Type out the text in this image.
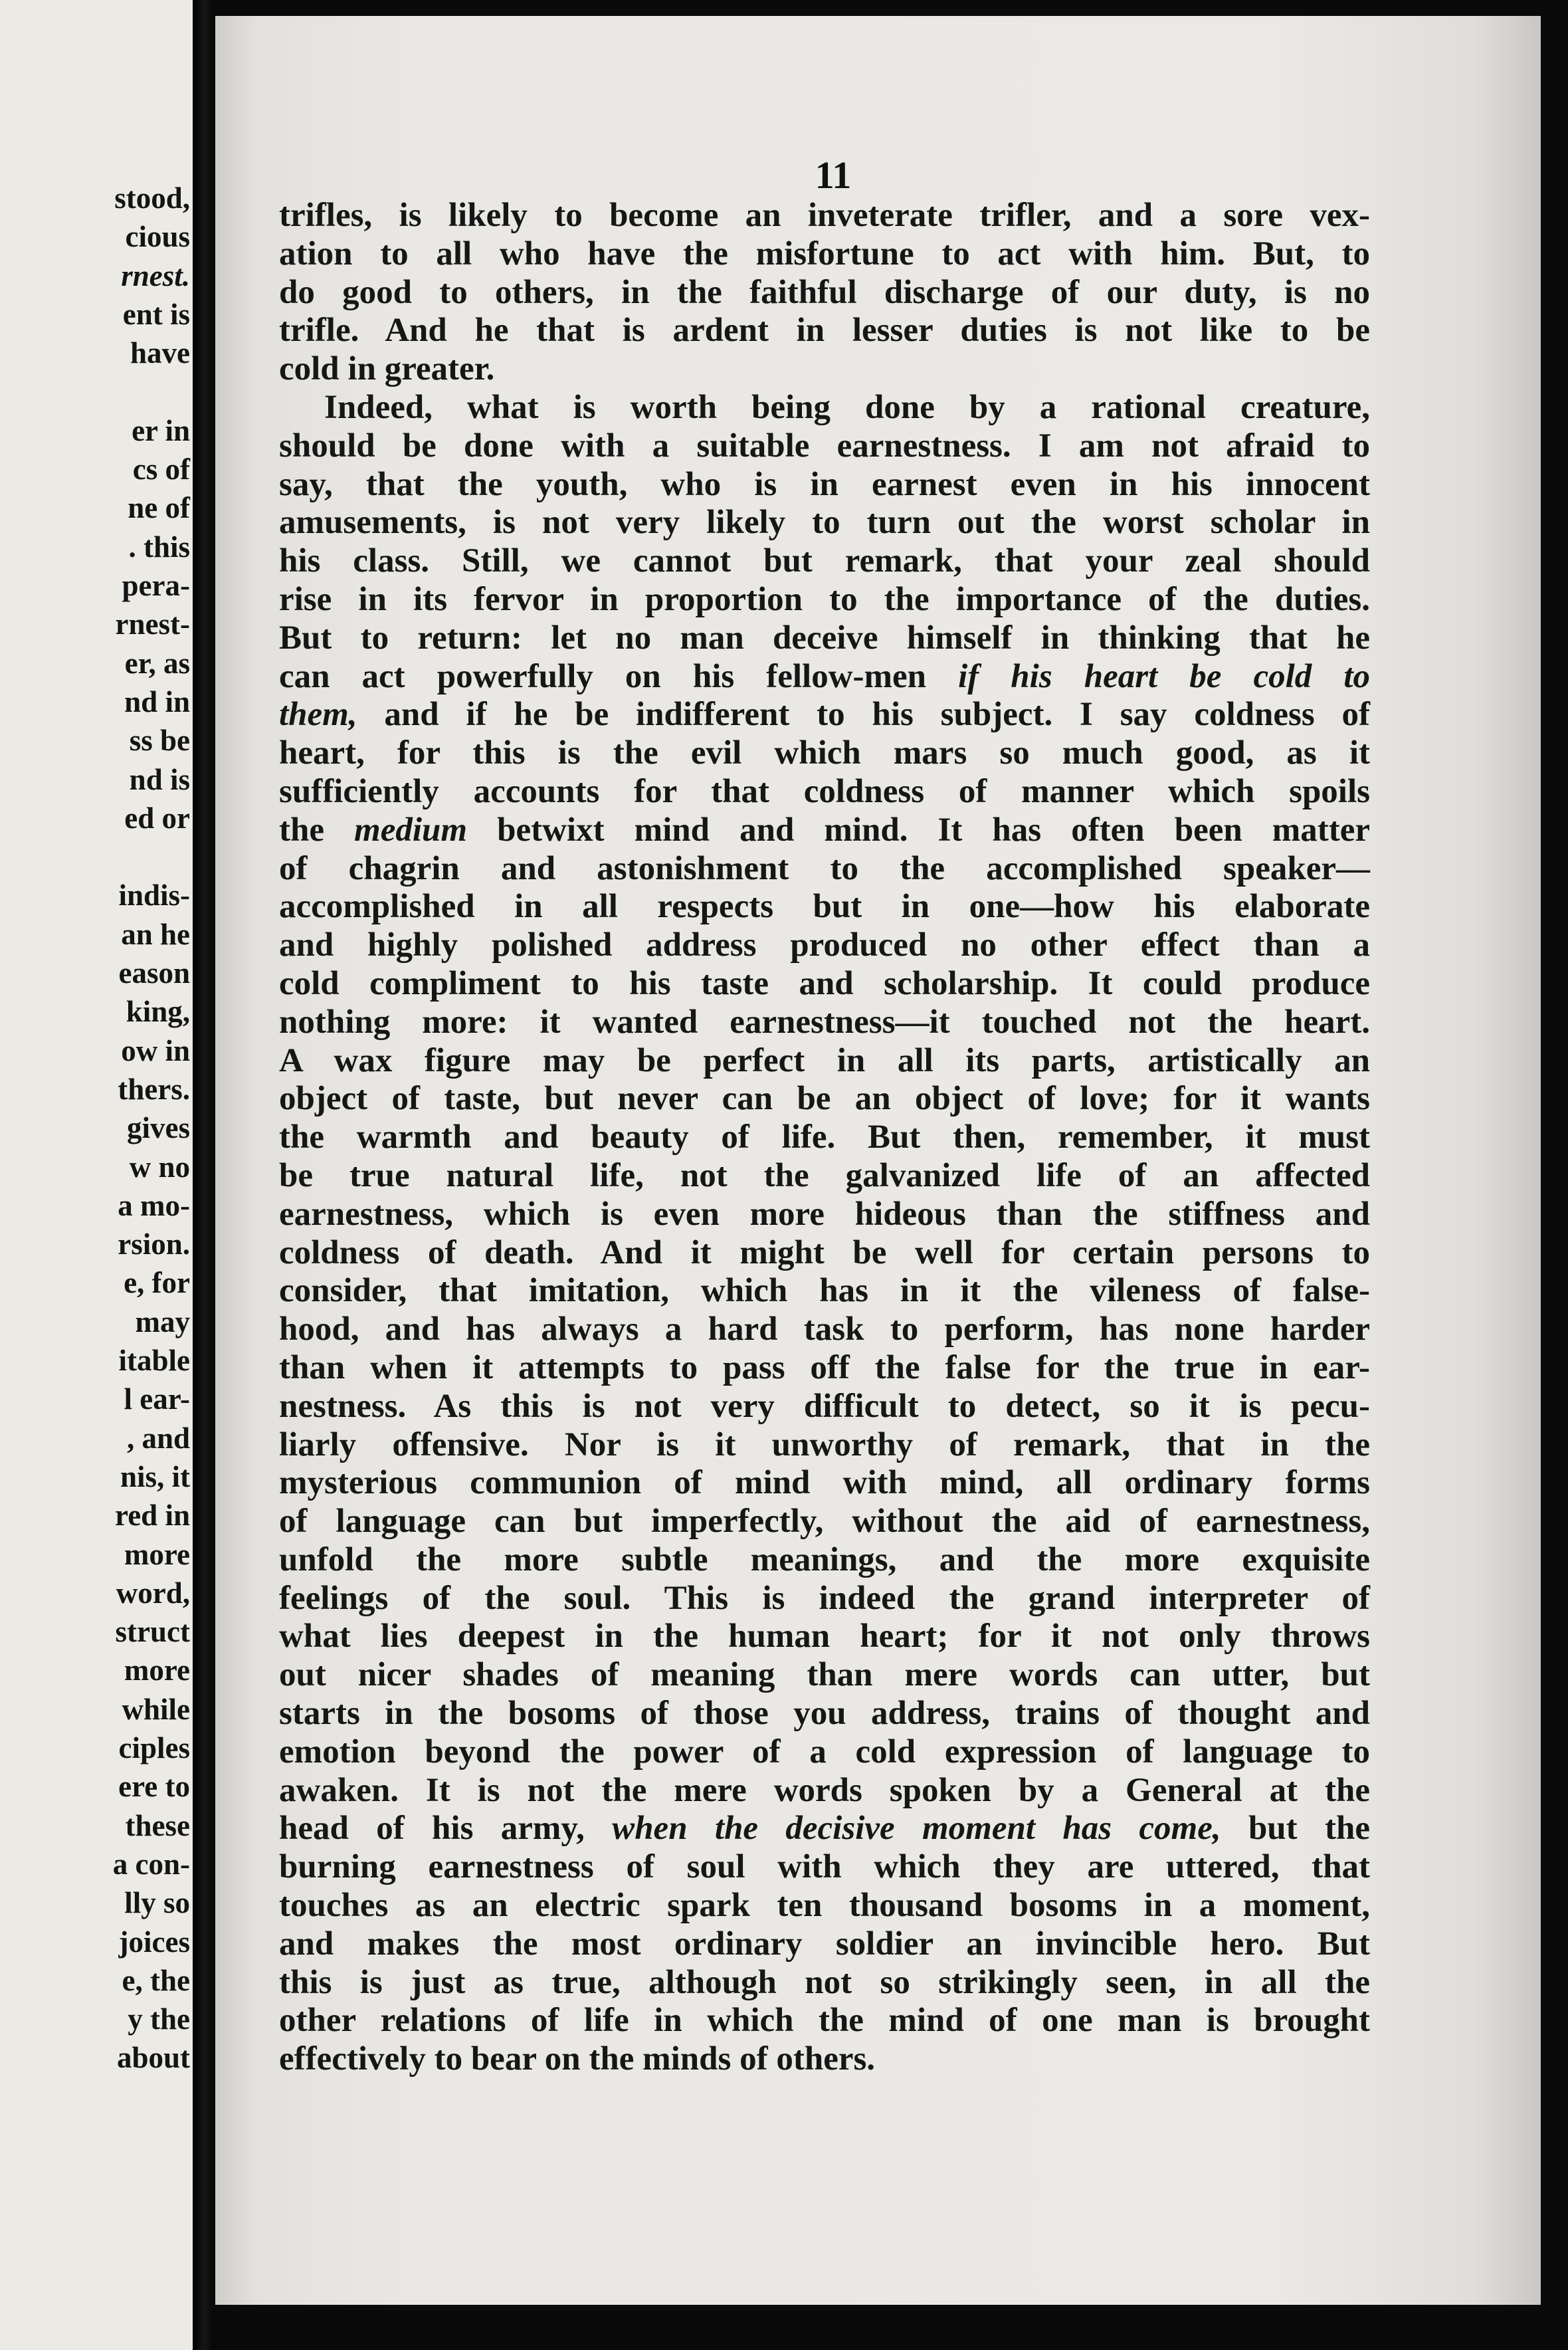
stood,
cious
rnest.
ent is
have
er in
cs of
ne of
. this
pera-
rnest-
er, as
nd in
ss be
nd is
ed or
indis-
an he
eason
king,
ow in
thers.
gives
w no
a mo-
rsion.
e, for
may
itable
l ear-
, and
nis, it
red in
more
word,
struct
more
while
ciples
ere to
these
a con-
lly so
joices
e, the
y the
about
11
trifles, is likely to become an inveterate trifler, and a sore vex-
ation to all who have the misfortune to act with him. But, to
do good to others, in the faithful discharge of our duty, is no
trifle. And he that is ardent in lesser duties is not like to be
cold in greater.
Indeed, what is worth being done by a rational creature,
should be done with a suitable earnestness. I am not afraid to
say, that the youth, who is in earnest even in his innocent
amusements, is not very likely to turn out the worst scholar in
his class. Still, we cannot but remark, that your zeal should
rise in its fervor in proportion to the importance of the duties.
But to return: let no man deceive himself in thinking that he
can act powerfully on his fellow-men if his heart be cold to
them, and if he be indifferent to his subject. I say coldness of
heart, for this is the evil which mars so much good, as it
sufficiently accounts for that coldness of manner which spoils
the medium betwixt mind and mind. It has often been matter
of chagrin and astonishment to the accomplished speaker—
accomplished in all respects but in one—how his elaborate
and highly polished address produced no other effect than a
cold compliment to his taste and scholarship. It could produce
nothing more: it wanted earnestness—it touched not the heart.
A wax figure may be perfect in all its parts, artistically an
object of taste, but never can be an object of love; for it wants
the warmth and beauty of life. But then, remember, it must
be true natural life, not the galvanized life of an affected
earnestness, which is even more hideous than the stiffness and
coldness of death. And it might be well for certain persons to
consider, that imitation, which has in it the vileness of false-
hood, and has always a hard task to perform, has none harder
than when it attempts to pass off the false for the true in ear-
nestness. As this is not very difficult to detect, so it is pecu-
liarly offensive. Nor is it unworthy of remark, that in the
mysterious communion of mind with mind, all ordinary forms
of language can but imperfectly, without the aid of earnestness,
unfold the more subtle meanings, and the more exquisite
feelings of the soul. This is indeed the grand interpreter of
what lies deepest in the human heart; for it not only throws
out nicer shades of meaning than mere words can utter, but
starts in the bosoms of those you address, trains of thought and
emotion beyond the power of a cold expression of language to
awaken. It is not the mere words spoken by a General at the
head of his army, when the decisive moment has come, but the
burning earnestness of soul with which they are uttered, that
touches as an electric spark ten thousand bosoms in a moment,
and makes the most ordinary soldier an invincible hero. But
this is just as true, although not so strikingly seen, in all the
other relations of life in which the mind of one man is brought
effectively to bear on the minds of others.
